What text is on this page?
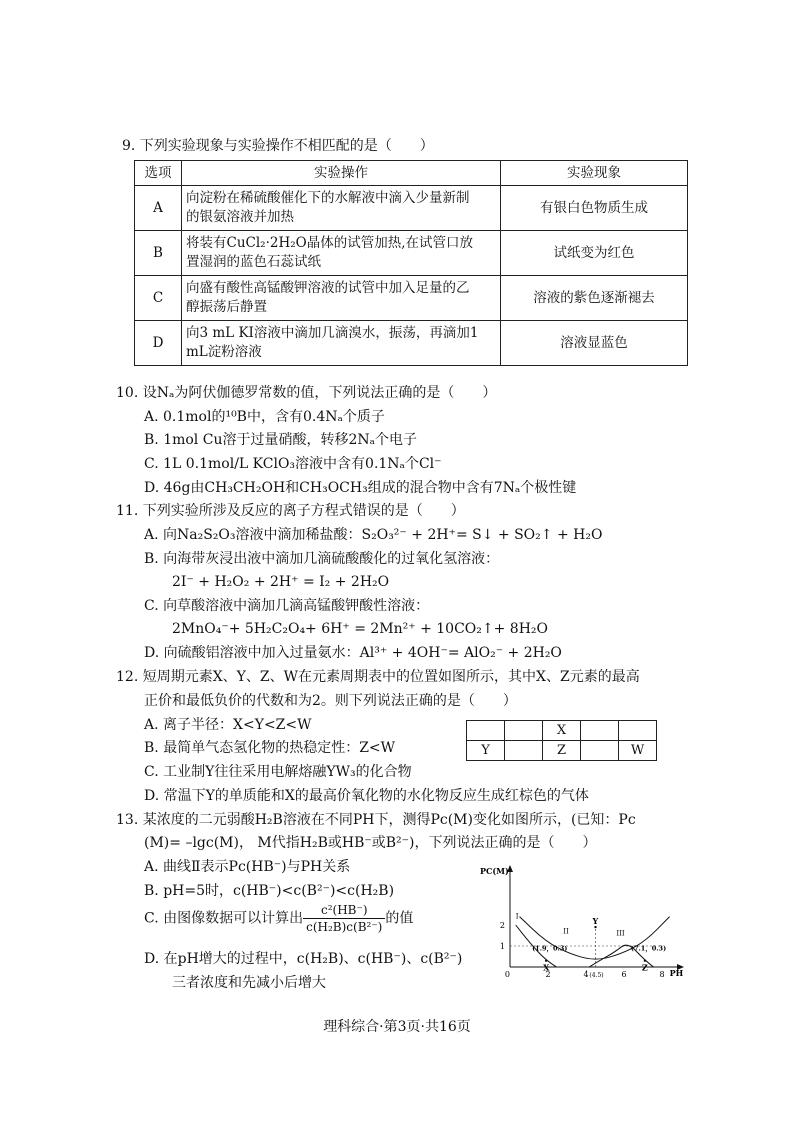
9. 下列实验现象与实验操作不相匹配的是（　　）
选项	实验操作	实验现象
A	向淀粉在稀硫酸催化下的水解液中滴入少量新制
的银氨溶液并加热	有银白色物质生成
B	将装有CuCl₂·2H₂O晶体的试管加热,在试管口放
置湿润的蓝色石蕊试纸	试纸变为红色
C	向盛有酸性高锰酸钾溶液的试管中加入足量的乙
醇振荡后静置	溶液的紫色逐渐褪去
D	向3 mL KI溶液中滴加几滴溴水，振荡，再滴加1
mL淀粉溶液	溶液显蓝色
10. 设Nₐ为阿伏伽德罗常数的值，下列说法正确的是（　　）
A. 0.1mol的¹⁰B中，含有0.4Nₐ个质子
B. 1mol Cu溶于过量硝酸，转移2Nₐ个电子
C. 1L 0.1mol/L KClO₃溶液中含有0.1Nₐ个Cl⁻
D. 46g由CH₃CH₂OH和CH₃OCH₃组成的混合物中含有7Nₐ个极性键
11. 下列实验所涉及反应的离子方程式错误的是（　　）
A. 向Na₂S₂O₃溶液中滴加稀盐酸：S₂O₃²⁻ + 2H⁺= S↓ + SO₂↑ + H₂O
B. 向海带灰浸出液中滴加几滴硫酸酸化的过氧化氢溶液：
2I⁻ + H₂O₂ + 2H⁺ = I₂ + 2H₂O
C. 向草酸溶液中滴加几滴高锰酸钾酸性溶液：
2MnO₄⁻+ 5H₂C₂O₄+ 6H⁺ = 2Mn²⁺ + 10CO₂↑+ 8H₂O
D. 向硫酸铝溶液中加入过量氨水：Al³⁺ + 4OH⁻= AlO₂⁻ + 2H₂O
12. 短周期元素X、Y、Z、W在元素周期表中的位置如图所示，其中X、Z元素的最高
正价和最低负价的代数和为2。则下列说法正确的是（　　）
A. 离子半径：X<Y<Z<W
B. 最简单气态氢化物的热稳定性：Z<W
C. 工业制Y往往采用电解熔融YW₃的化合物
D. 常温下Y的单质能和X的最高价氧化物的水化物反应生成红棕色的气体
		X		
Y		Z		W
13. 某浓度的二元弱酸H₂B溶液在不同PH下，测得Pc(M)变化如图所示，(已知：Pc
(M)= –lgc(M)， M代指H₂B或HB⁻或B²⁻)，下列说法正确的是（　　）
A. 曲线Ⅱ表示Pc(HB⁻)与PH关系
B. pH=5时，c(HB⁻)<c(B²⁻)<c(H₂B)
C. 由图像数据可以计算出 $\frac{\text{c²(HB⁻)}}{\text{c(H₂B)c(B²⁻)}}$ 的值
D. 在pH增大的过程中，c(H₂B)、c(HB⁻)、c(B²⁻)
三者浓度和先减小后增大
PC(M)
PH
0	2	4 (4.5) 6	8
1
2
I
II	III
X
(1.9，0.3)
Y
Z
(7.1，0.3)
理科综合·第3页·共16页
